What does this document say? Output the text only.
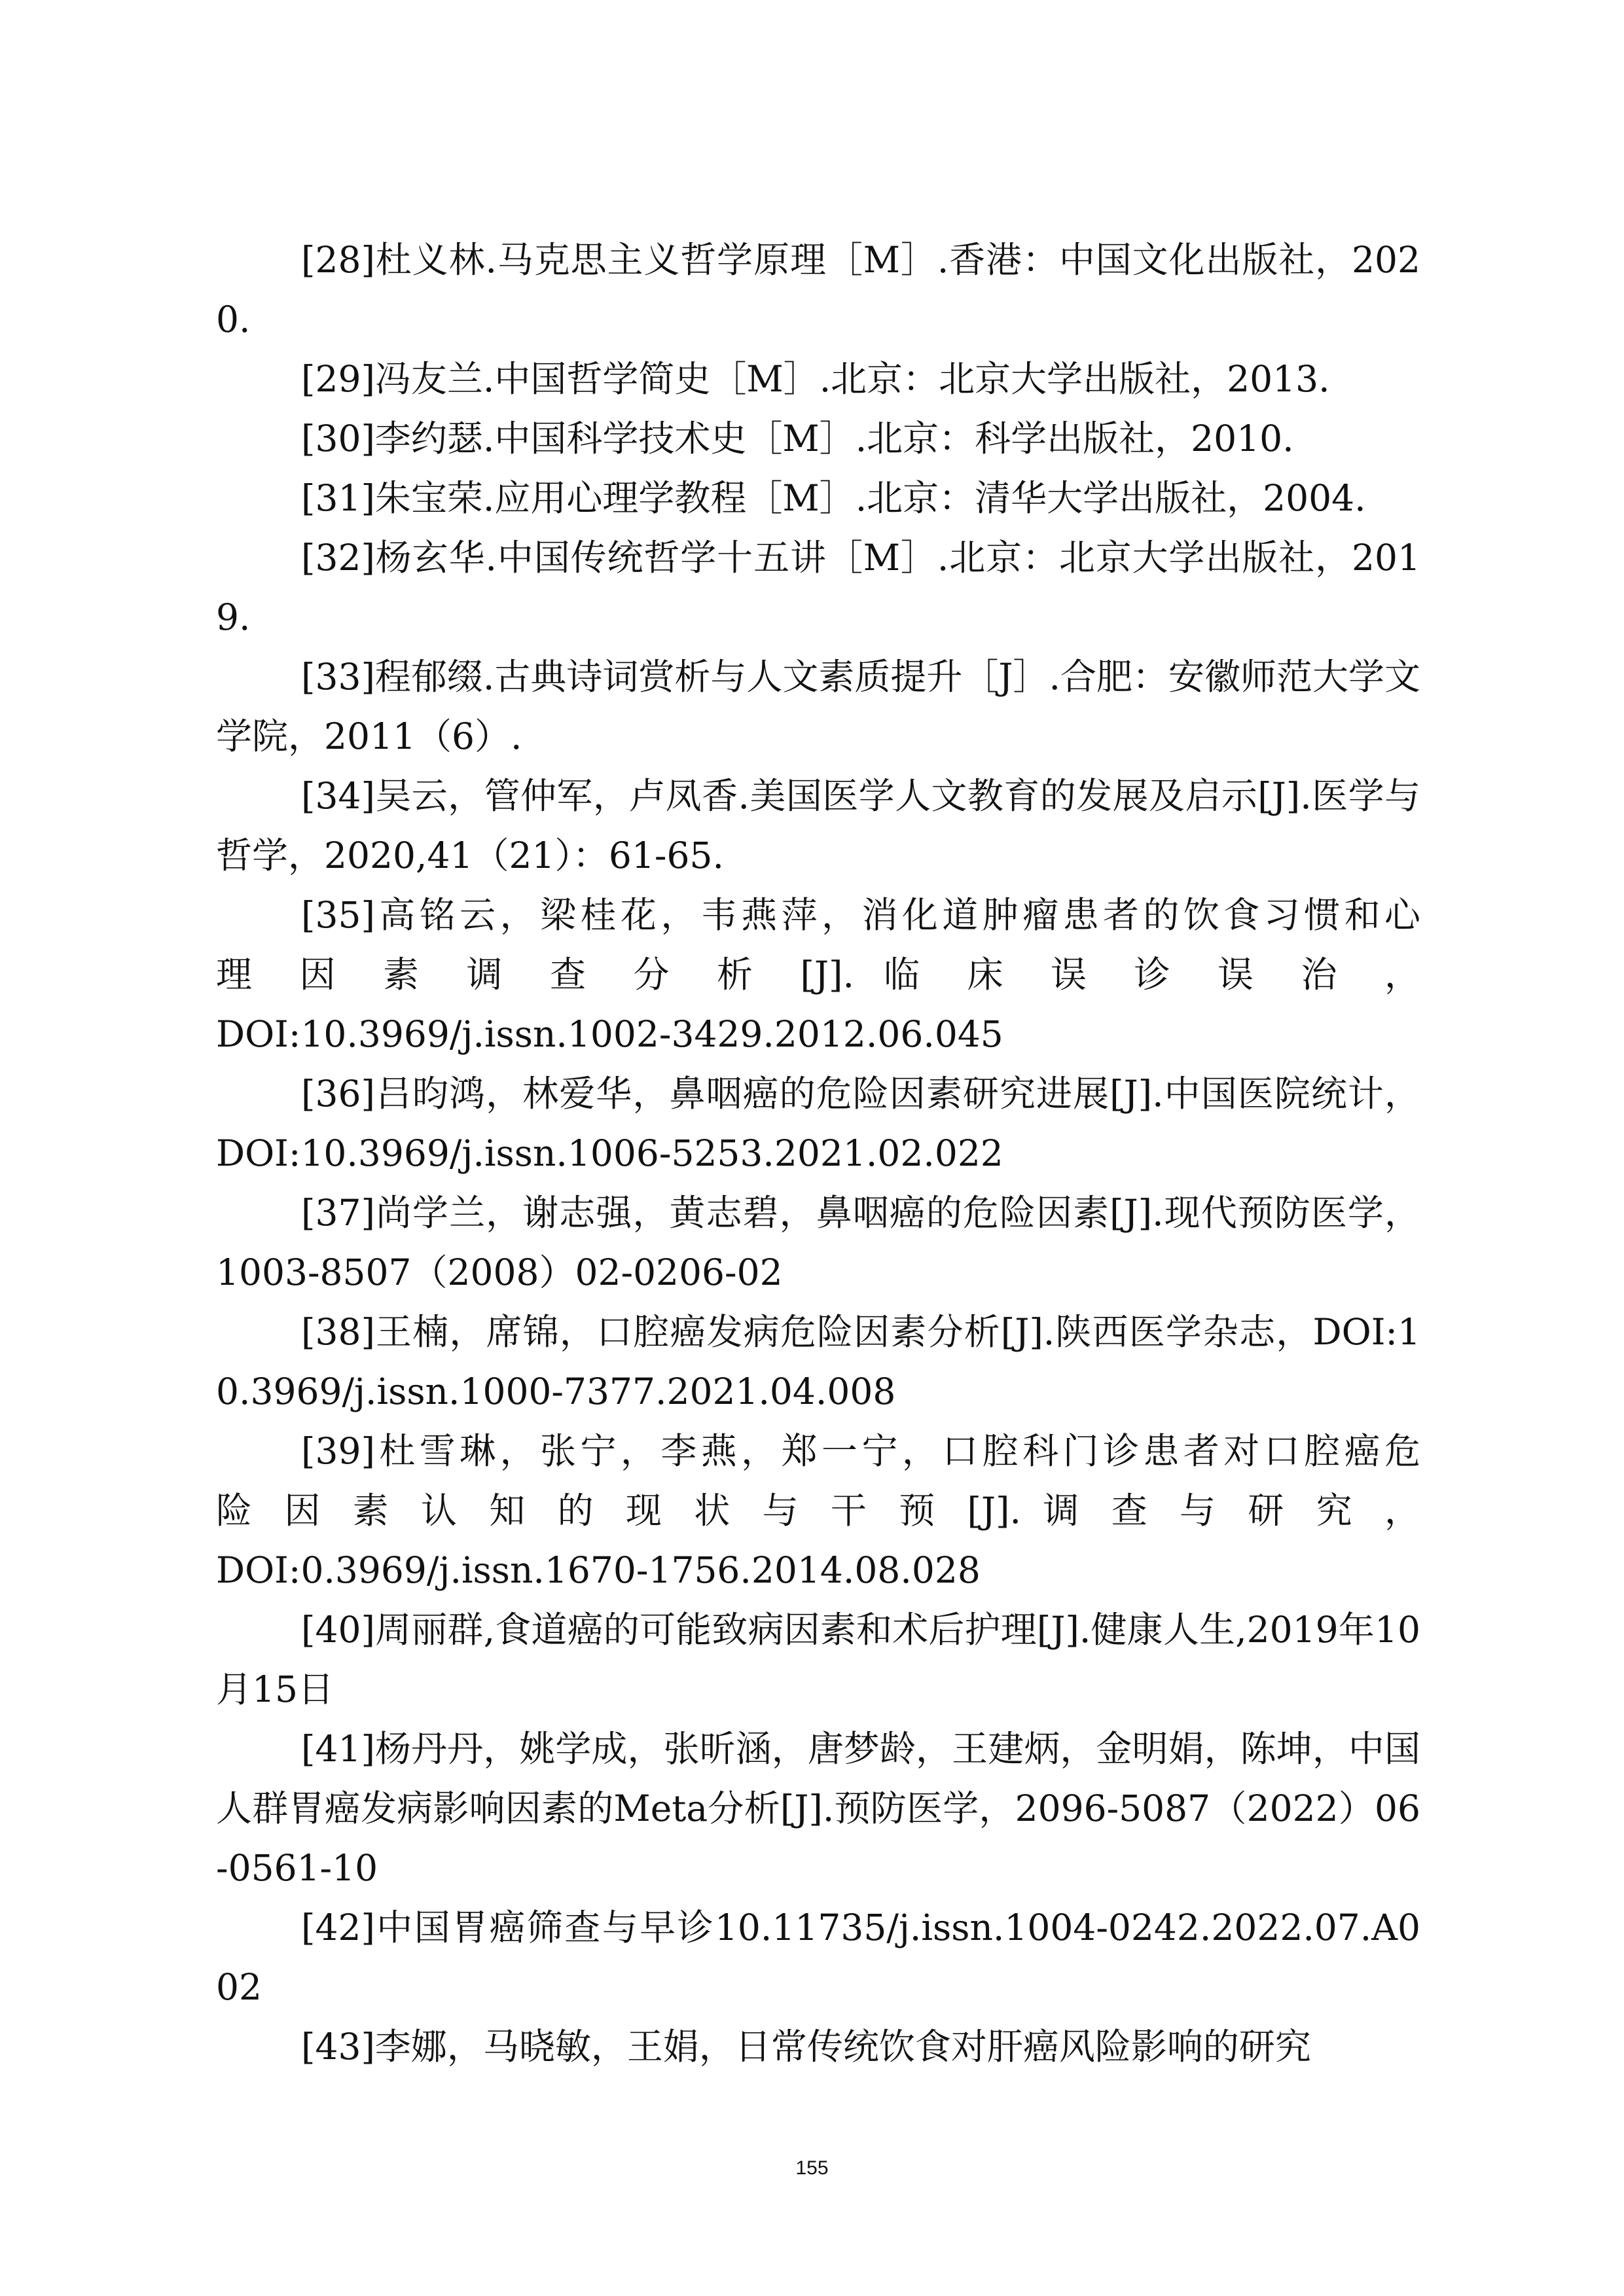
[28]杜义林.马克思主义哲学原理［M］.香港：中国文化出版社，2020.

[29]冯友兰.中国哲学简史［M］.北京：北京大学出版社，2013.

[30]李约瑟.中国科学技术史［M］.北京：科学出版社，2010.

[31]朱宝荣.应用心理学教程［M］.北京：清华大学出版社，2004.

[32]杨玄华.中国传统哲学十五讲［M］.北京：北京大学出版社，2019.

[33]程郁缀.古典诗词赏析与人文素质提升［J］.合肥：安徽师范大学文学院，2011（6）.

[34]吴云，管仲军，卢凤香.美国医学人文教育的发展及启示[J].医学与哲学，2020,41（21）：61-65.

[35]高铭云，梁桂花，韦燕萍，消化道肿瘤患者的饮食习惯和心
理 因 素 调 查 分 析 [J]. 临 床 误 诊 误 治 ，
DOI:10.3969/j.issn.1002-3429.2012.06.045

[36]吕昀鸿，林爱华，鼻咽癌的危险因素研究进展[J].中国医院统计，DOI:10.3969/j.issn.1006-5253.2021.02.022

[37]尚学兰，谢志强，黄志碧，鼻咽癌的危险因素[J].现代预防医学，1003-8507（2008）02-0206-02

[38]王楠，席锦，口腔癌发病危险因素分析[J].陕西医学杂志，DOI:10.3969/j.issn.1000-7377.2021.04.008

[39]杜雪琳，张宁，李燕，郑一宁，口腔科门诊患者对口腔癌危
险 因 素 认 知 的 现 状 与 干 预 [J]. 调 查 与 研 究 ，
DOI:0.3969/j.issn.1670-1756.2014.08.028

[40]周丽群,食道癌的可能致病因素和术后护理[J].健康人生,2019年10月15日

[41]杨丹丹，姚学成，张昕涵，唐梦龄，王建炳，金明娟，陈坤，中国人群胃癌发病影响因素的Meta分析[J].预防医学，2096-5087（2022）06-0561-10

[42]中国胃癌筛查与早诊10.11735/j.issn.1004-0242.2022.07.A002

[43]李娜，马晓敏，王娟，日常传统饮食对肝癌风险影响的研究

155
